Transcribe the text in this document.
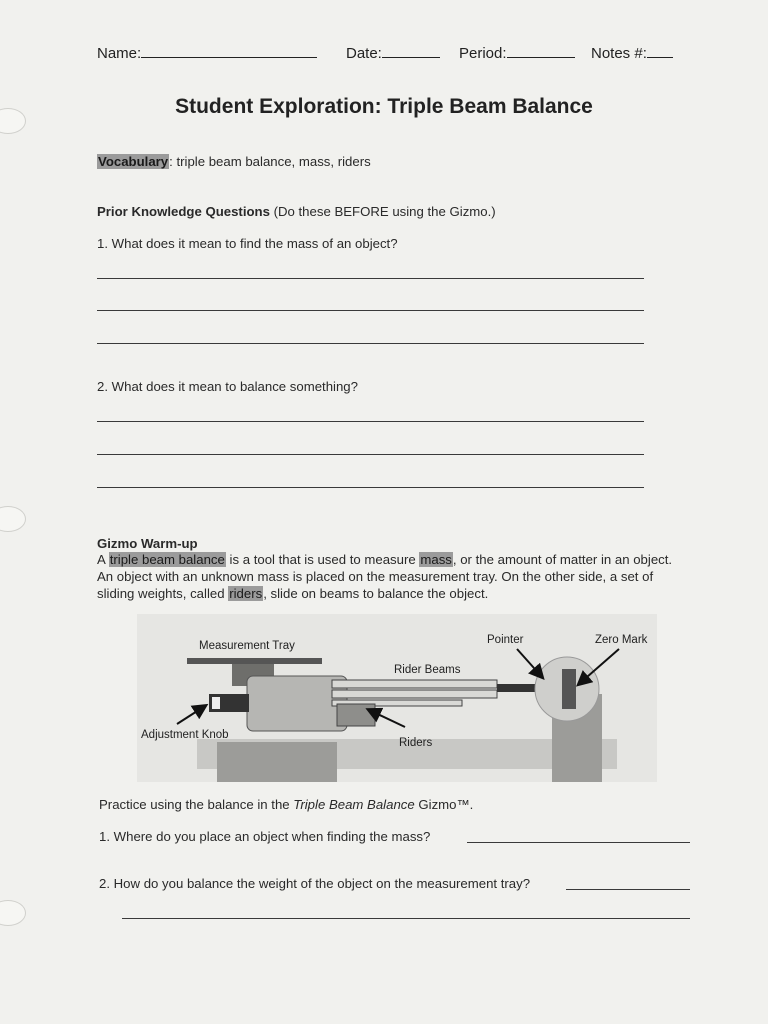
Name:	Date:	Period:	Notes #:
Student Exploration: Triple Beam Balance
Vocabulary: triple beam balance, mass, riders
Prior Knowledge Questions (Do these BEFORE using the Gizmo.)
1. What does it mean to find the mass of an object?
2. What does it mean to balance something?
Gizmo Warm-up
A triple beam balance is a tool that is used to measure mass, or the amount of matter in an object. An object with an unknown mass is placed on the measurement tray. On the other side, a set of sliding weights, called riders, slide on beams to balance the object.
Measurement Tray	Pointer	Zero Mark
Rider Beams
Adjustment Knob
Riders
Practice using the balance in the Triple Beam Balance Gizmo™.
1. Where do you place an object when finding the mass?
2. How do you balance the weight of the object on the measurement tray?
